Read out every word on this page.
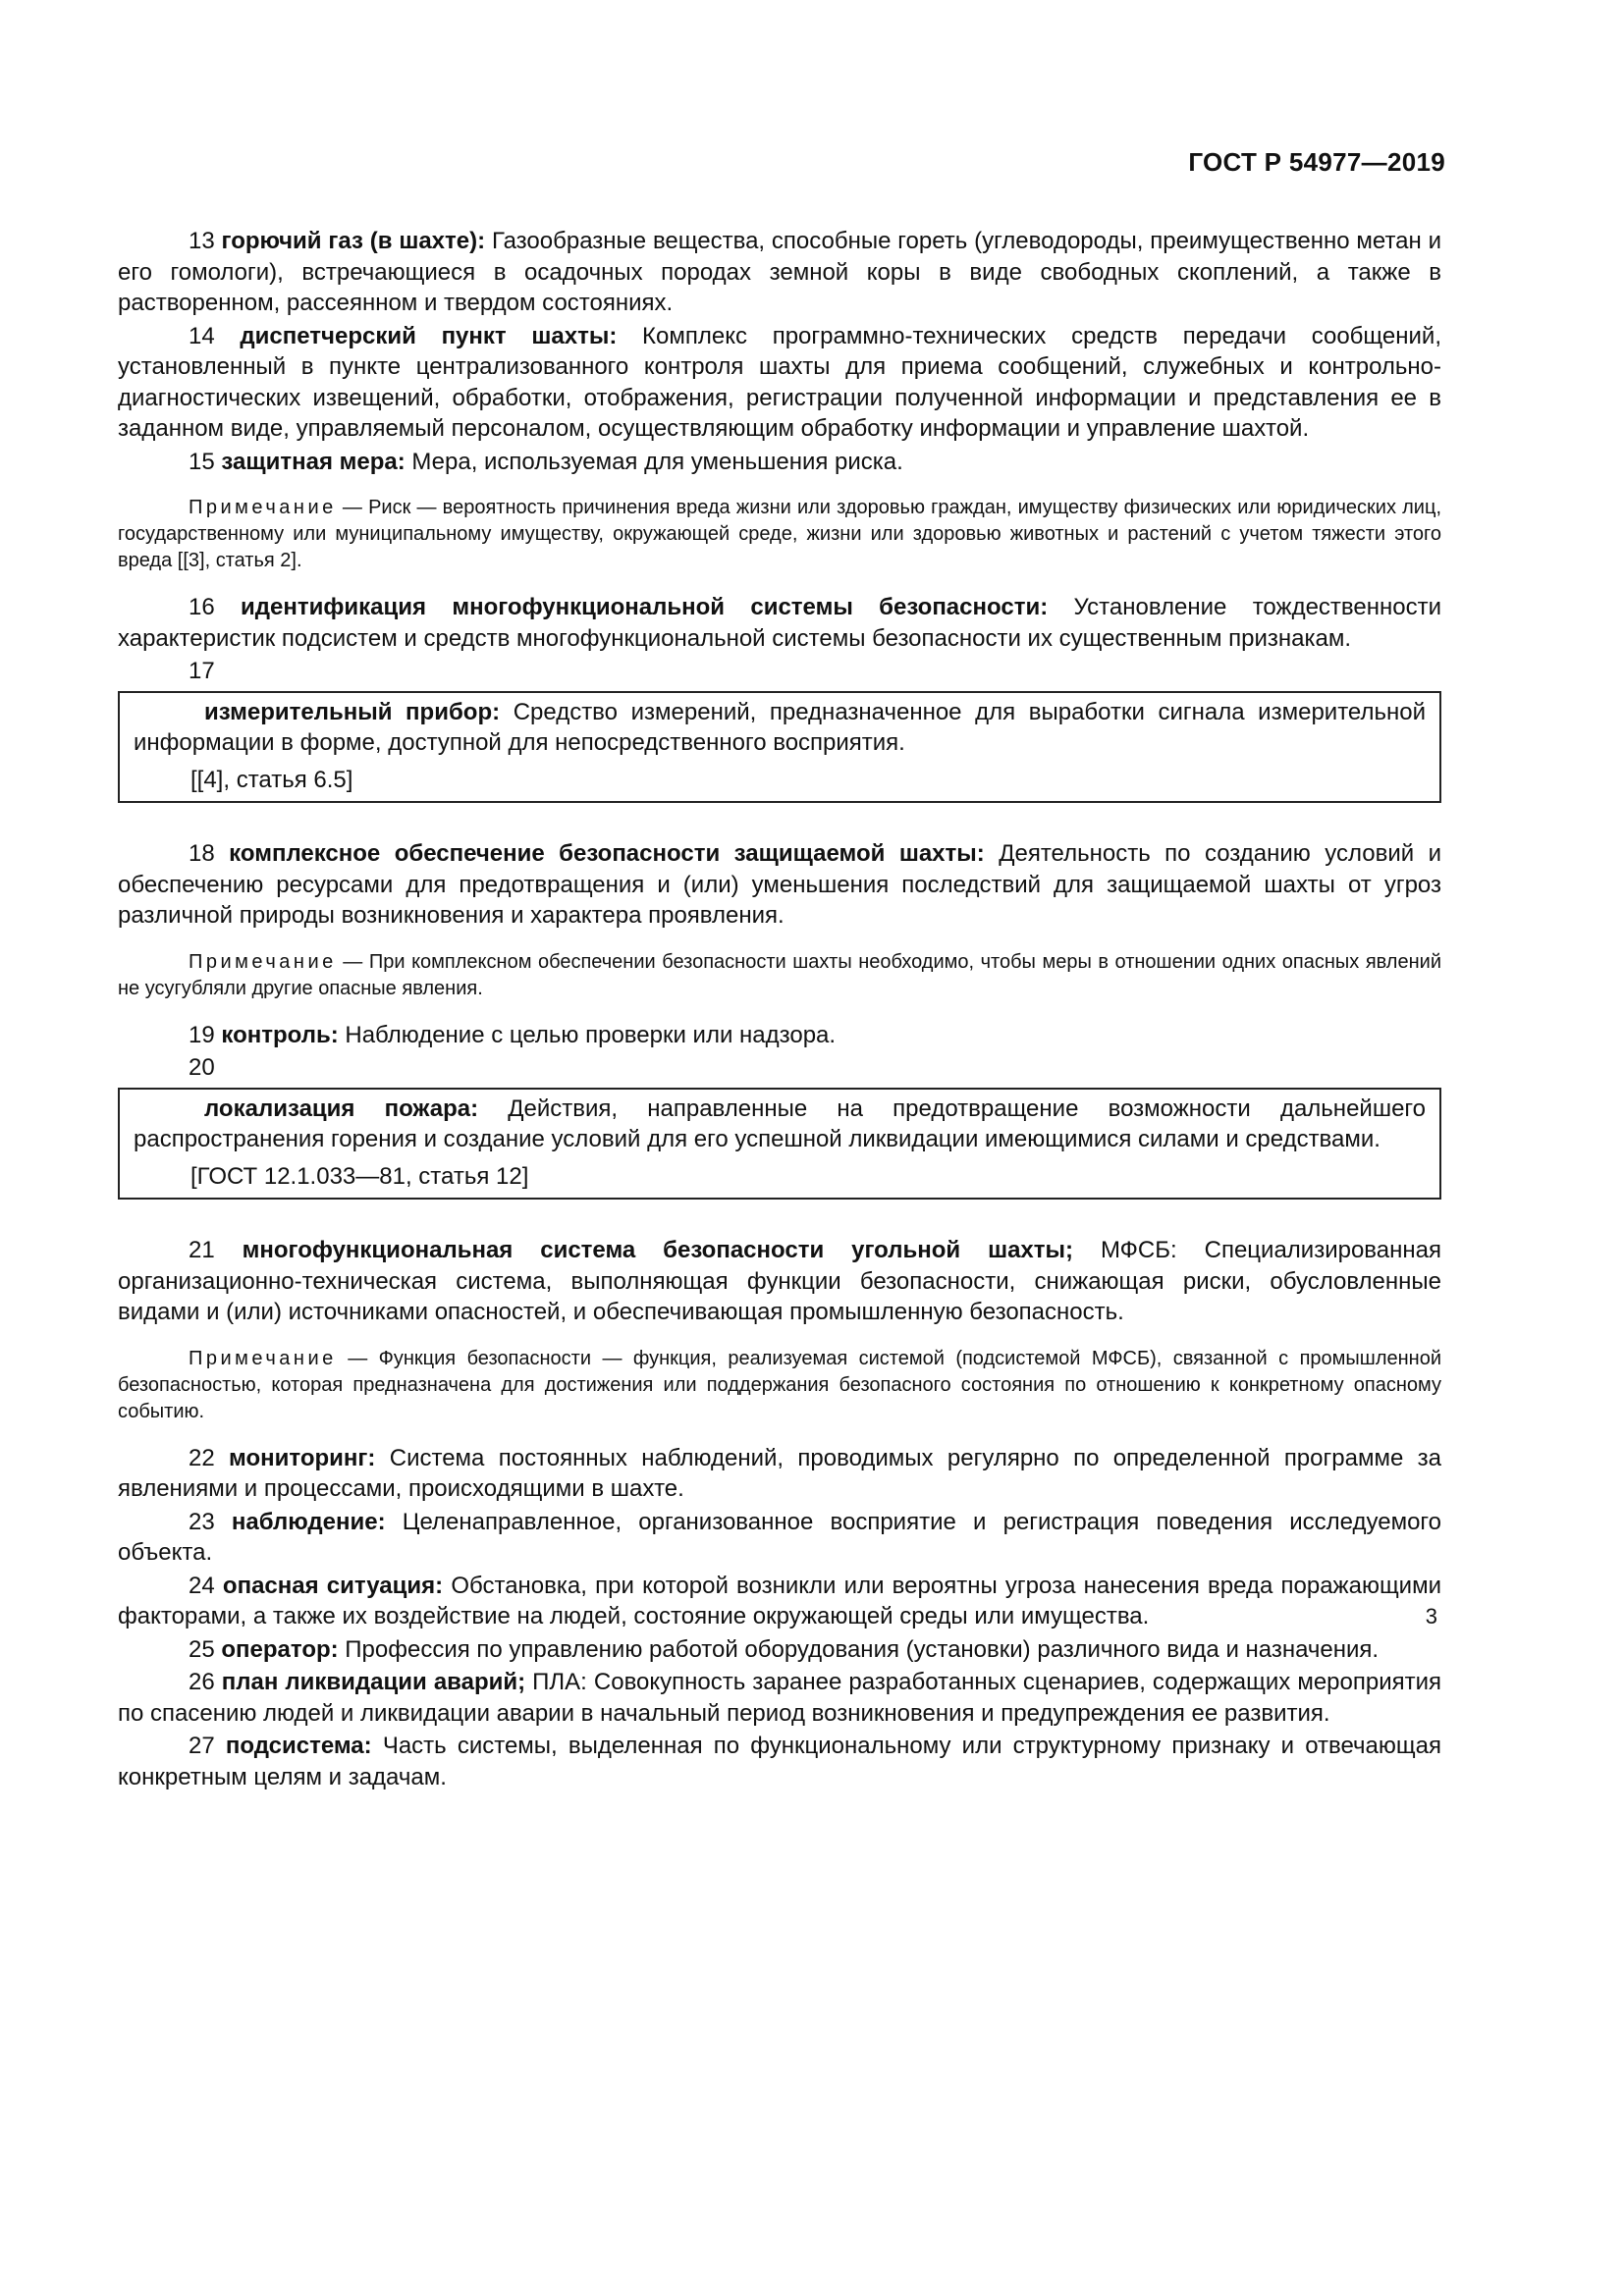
ГОСТ Р 54977—2019

13 горючий газ (в шахте): Газообразные вещества, способные гореть (углеводороды, преимущественно метан и его гомологи), встречающиеся в осадочных породах земной коры в виде свободных скоплений, а также в растворенном, рассеянном и твердом состояниях.

14 диспетчерский пункт шахты: Комплекс программно-технических средств передачи сообщений, установленный в пункте централизованного контроля шахты для приема сообщений, служебных и контрольно-диагностических извещений, обработки, отображения, регистрации полученной информации и представления ее в заданном виде, управляемый персоналом, осуществляющим обработку информации и управление шахтой.

15 защитная мера: Мера, используемая для уменьшения риска.

Примечание — Риск — вероятность причинения вреда жизни или здоровью граждан, имуществу физических или юридических лиц, государственному или муниципальному имуществу, окружающей среде, жизни или здоровью животных и растений с учетом тяжести этого вреда [[3], статья 2].

16 идентификация многофункциональной системы безопасности: Установление тождественности характеристик подсистем и средств многофункциональной системы безопасности их существенным признакам.

17

измерительный прибор: Средство измерений, предназначенное для выработки сигнала измерительной информации в форме, доступной для непосредственного восприятия.

[[4], статья 6.5]

18 комплексное обеспечение безопасности защищаемой шахты: Деятельность по созданию условий и обеспечению ресурсами для предотвращения и (или) уменьшения последствий для защищаемой шахты от угроз различной природы возникновения и характера проявления.

Примечание — При комплексном обеспечении безопасности шахты необходимо, чтобы меры в отношении одних опасных явлений не усугубляли другие опасные явления.

19 контроль: Наблюдение с целью проверки или надзора.

20

локализация пожара: Действия, направленные на предотвращение возможности дальнейшего распространения горения и создание условий для его успешной ликвидации имеющимися силами и средствами.

[ГОСТ 12.1.033—81, статья 12]

21 многофункциональная система безопасности угольной шахты; МФСБ: Специализированная организационно-техническая система, выполняющая функции безопасности, снижающая риски, обусловленные видами и (или) источниками опасностей, и обеспечивающая промышленную безопасность.

Примечание — Функция безопасности — функция, реализуемая системой (подсистемой МФСБ), связанной с промышленной безопасностью, которая предназначена для достижения или поддержания безопасного состояния по отношению к конкретному опасному событию.

22 мониторинг: Система постоянных наблюдений, проводимых регулярно по определенной программе за явлениями и процессами, происходящими в шахте.

23 наблюдение: Целенаправленное, организованное восприятие и регистрация поведения исследуемого объекта.

24 опасная ситуация: Обстановка, при которой возникли или вероятны угроза нанесения вреда поражающими факторами, а также их воздействие на людей, состояние окружающей среды или имущества.

25 оператор: Профессия по управлению работой оборудования (установки) различного вида и назначения.

26 план ликвидации аварий; ПЛА: Совокупность заранее разработанных сценариев, содержащих мероприятия по спасению людей и ликвидации аварии в начальный период возникновения и предупреждения ее развития.

27 подсистема: Часть системы, выделенная по функциональному или структурному признаку и отвечающая конкретным целям и задачам.

3
